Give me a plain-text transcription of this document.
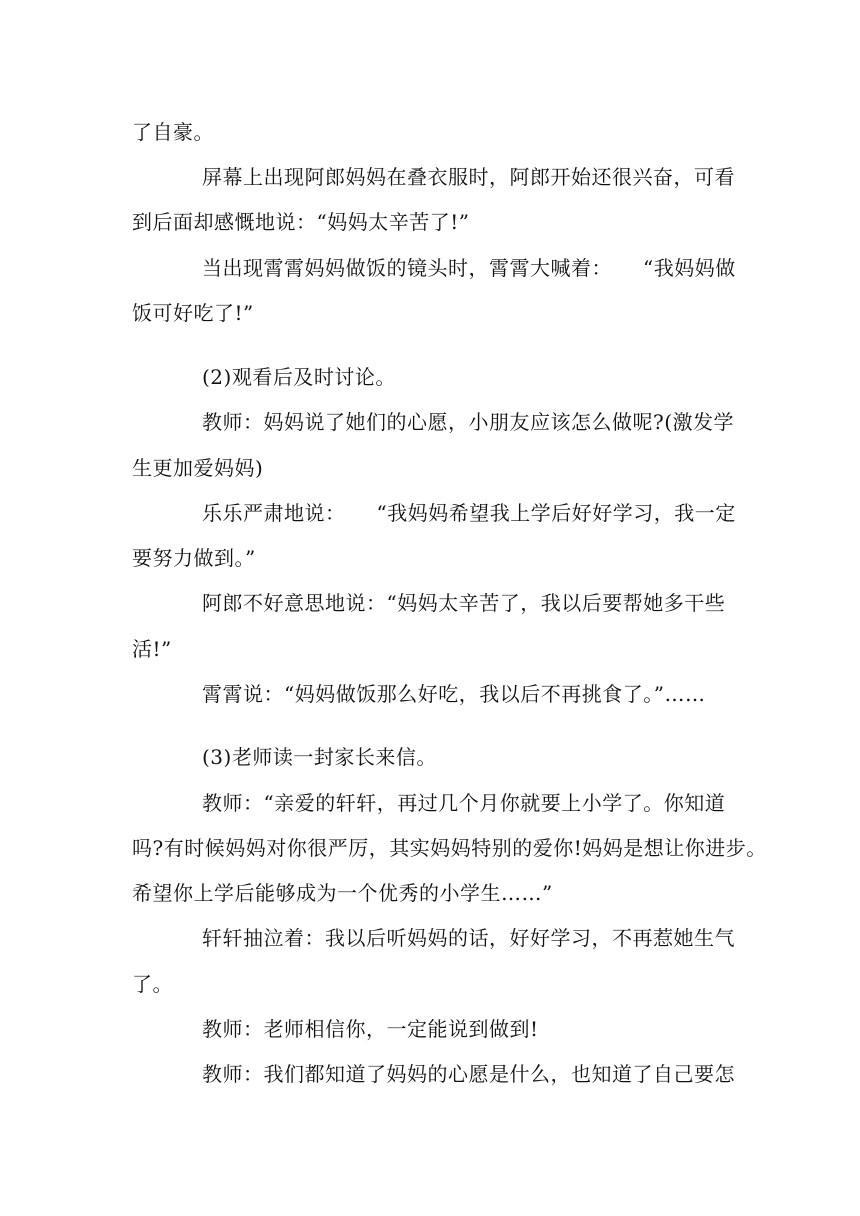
了自豪。
屏幕上出现阿郎妈妈在叠衣服时，阿郎开始还很兴奋，可看
到后面却感慨地说：“妈妈太辛苦了!”
当出现霄霄妈妈做饭的镜头时，霄霄大喊着：　　“我妈妈做
饭可好吃了!”
(2)观看后及时讨论。
教师：妈妈说了她们的心愿，小朋友应该怎么做呢?(激发学
生更加爱妈妈)
乐乐严肃地说：　　“我妈妈希望我上学后好好学习，我一定
要努力做到。”
阿郎不好意思地说：“妈妈太辛苦了，我以后要帮她多干些
活!”
霄霄说：“妈妈做饭那么好吃，我以后不再挑食了。”……
(3)老师读一封家长来信。
教师：“亲爱的轩轩，再过几个月你就要上小学了。你知道
吗?有时候妈妈对你很严厉，其实妈妈特别的爱你!妈妈是想让你进步。
希望你上学后能够成为一个优秀的小学生……”
轩轩抽泣着：我以后听妈妈的话，好好学习，不再惹她生气
了。
教师：老师相信你，一定能说到做到!
教师：我们都知道了妈妈的心愿是什么，也知道了自己要怎
